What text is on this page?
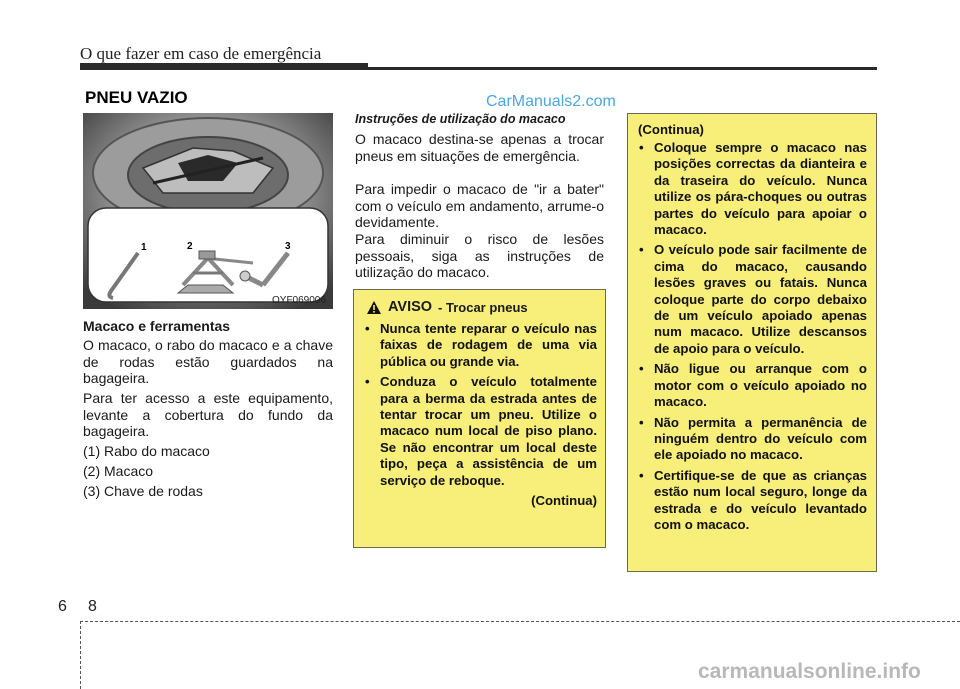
O que fazer em caso de emergência
PNEU VAZIO	CarManuals2.com
1	2	3
OYF069006
Macaco e ferramentas
O macaco, o rabo do macaco e a chave de rodas estão guardados na bagageira.
Para ter acesso a este equipamento, levante a cobertura do fundo da bagageira.
(1) Rabo do macaco
(2) Macaco
(3) Chave de rodas
Instruções de utilização do macaco
O macaco destina-se apenas a trocar pneus em situações de emergência.
Para impedir o macaco de "ir a bater" com o veículo em andamento, arrume-o devidamente.
Para diminuir o risco de lesões pessoais, siga as instruções de utilização do macaco.
AVISO - Trocar pneus
• Nunca tente reparar o veículo nas faixas de rodagem de uma via pública ou grande via.
• Conduza o veículo totalmente para a berma da estrada antes de tentar trocar um pneu. Utilize o macaco num local de piso plano. Se não encontrar um local deste tipo, peça a assistência de um serviço de reboque.
(Continua)
(Continua)
• Coloque sempre o macaco nas posições correctas da dianteira e da traseira do veículo. Nunca utilize os pára-choques ou outras partes do veículo para apoiar o macaco.
• O veículo pode sair facilmente de cima do macaco, causando lesões graves ou fatais. Nunca coloque parte do corpo debaixo de um veículo apoiado apenas num macaco. Utilize descansos de apoio para o veículo.
• Não ligue ou arranque com o motor com o veículo apoiado no macaco.
• Não permita a permanência de ninguém dentro do veículo com ele apoiado no macaco.
• Certifique-se de que as crianças estão num local seguro, longe da estrada e do veículo levantado com o macaco.
6 8
carmanualsonline.info
